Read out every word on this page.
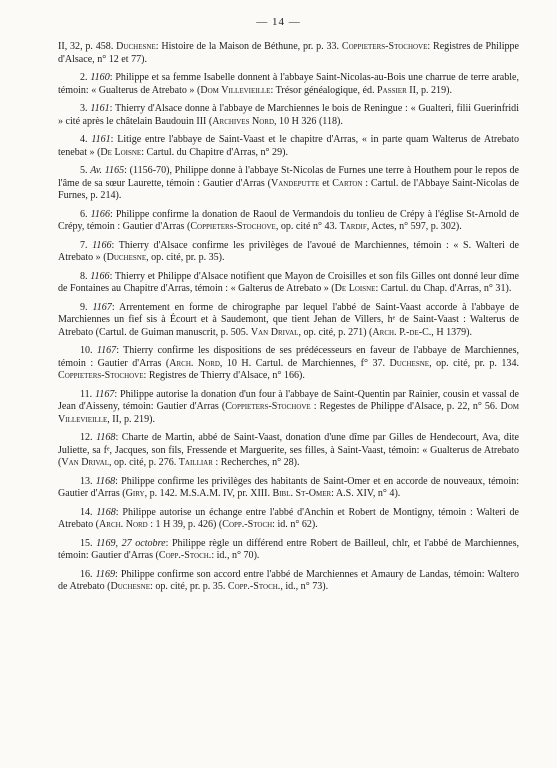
— 14 —

II, 32, p. 458. Duchesne: Histoire de la Maison de Béthune, pr. p. 33. Coppieters-Stochove: Registres de Philippe d'Alsace, n° 12 et 77).

2. 1160: Philippe et sa femme Isabelle donnent à l'abbaye Saint-Nicolas-au-Bois une charrue de terre arable, témoin: « Gualterus de Atrebato » (Dom Villevieille: Trésor généalogique, éd. Passier II, p. 219).

3. 1161: Thierry d'Alsace donne à l'abbaye de Marchiennes le bois de Reningue : « Gualteri, filii Guerinfridi » cité après le châtelain Baudouin III (Archives Nord, 10 H 326 (118).

4. 1161: Litige entre l'abbaye de Saint-Vaast et le chapitre d'Arras, « in parte quam Walterus de Atrebato tenebat » (De Loisne: Cartul. du Chapitre d'Arras, n° 29).

5. Av. 1165: (1156-70), Philippe donne à l'abbaye St-Nicolas de Furnes une terre à Houthem pour le repos de l'âme de sa sœur Laurette, témoin : Gautier d'Arras (Vandeputte et Carton : Cartul. de l'Abbaye Saint-Nicolas de Furnes, p. 214).

6. 1166: Philippe confirme la donation de Raoul de Vermandois du tonlieu de Crépy à l'église St-Arnold de Crépy, témoin : Gautier d'Arras (Coppieters-Stochove, op. cité n° 43. Tardif, Actes, n° 597, p. 302).

7. 1166: Thierry d'Alsace confirme les privilèges de l'avoué de Marchiennes, témoin : « S. Walteri de Atrebato » (Duchesne, op. cité, pr. p. 35).

8. 1166: Thierry et Philippe d'Alsace notifient que Mayon de Croisilles et son fils Gilles ont donné leur dîme de Fontaines au Chapitre d'Arras, témoin : « Galterus de Atrebato » (De Loisne: Cartul. du Chap. d'Arras, n° 31).

9. 1167: Arrentement en forme de chirographe par lequel l'abbé de Saint-Vaast accorde à l'abbaye de Marchiennes un fief sis à Écourt et à Saudemont, que tient Jehan de Villers, hᵉ de Saint-Vaast : Walterus de Atrebato (Cartul. de Guiman manuscrit, p. 505. Van Drival, op. cité, p. 271) (Arch. P.-de-C., H 1379).

10. 1167: Thierry confirme les dispositions de ses prédécesseurs en faveur de l'abbaye de Marchiennes, témoin : Gautier d'Arras (Arch. Nord, 10 H. Cartul. de Marchiennes, f° 37. Duchesne, op. cité, pr. p. 134. Coppieters-Stochove: Registres de Thierry d'Alsace, n° 166).

11. 1167: Philippe autorise la donation d'un four à l'abbaye de Saint-Quentin par Rainier, cousin et vassal de Jean d'Aisseny, témoin: Gautier d'Arras (Coppieters-Stochove : Regestes de Philippe d'Alsace, p. 22, n° 56. Dom Villevieille, II, p. 219).

12. 1168: Charte de Martin, abbé de Saint-Vaast, donation d'une dîme par Gilles de Hendecourt, Ava, dite Juliette, sa fᵉ, Jacques, son fils, Fressende et Marguerite, ses filles, à Saint-Vaast, témoin: « Gualterus de Atrebato (Van Drival, op. cité, p. 276. Tailliar : Recherches, n° 28).

13. 1168: Philippe confirme les privilèges des habitants de Saint-Omer et en accorde de nouveaux, témoin: Gautier d'Arras (Giry, p. 142. M.S.A.M. IV, pr. XIII. Bibl. St-Omer: A.S. XIV, n° 4).

14. 1168: Philippe autorise un échange entre l'abbé d'Anchin et Robert de Montigny, témoin : Walteri de Atrebato (Arch. Nord : 1 H 39, p. 426) (Copp.-Stoch: id. n° 62).

15. 1169, 27 octobre: Philippe règle un différend entre Robert de Bailleul, chlr, et l'abbé de Marchiennes, témoin: Gautier d'Arras (Copp.-Stoch.: id., n° 70).

16. 1169: Philippe confirme son accord entre l'abbé de Marchiennes et Amaury de Landas, témoin: Waltero de Atrebato (Duchesne: op. cité, pr. p. 35. Copp.-Stoch., id., n° 73).
